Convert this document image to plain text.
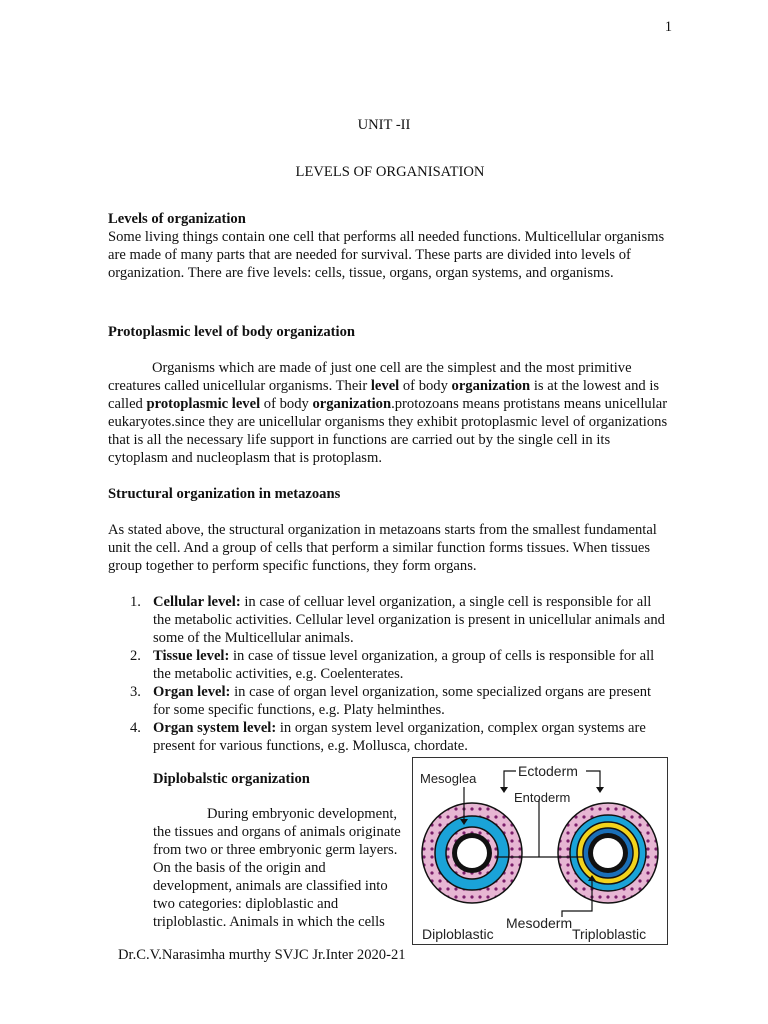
1
UNIT -II
LEVELS OF ORGANISATION
Levels of organization

Some living things contain one cell that performs all needed functions. Multicellular organisms are made of many parts that are needed for survival. These parts are divided into levels of organization. There are five levels: cells, tissue, organs, organ systems, and organisms.

Protoplasmic level of body organization

Organisms which are made of just one cell are the simplest and the most primitive creatures called unicellular organisms. Their level of body organization is at the lowest and is called protoplasmic level of body organization.protozoans means protistans means unicellular eukaryotes.since they are unicellular organisms they exhibit protoplasmic level of organizations that is all the necessary life support in functions are carried out by the single cell in its cytoplasm and nucleoplasm that is protoplasm.

Structural organization in metazoans

As stated above, the structural organization in metazoans starts from the smallest fundamental unit the cell. And a group of cells that perform a similar function forms tissues. When tissues group together to perform specific functions, they form organs.

1. Cellular level: in case of celluar level organization, a single cell is responsible for all the metabolic activities. Cellular level organization is present in unicellular animals and some of the Multicellular animals.
2. Tissue level: in case of tissue level organization, a group of cells is responsible for all the metabolic activities, e.g. Coelenterates.
3. Organ level: in case of organ level organization, some specialized organs are present for some specific functions, e.g. Platy helminthes.
4. Organ system level: in organ system level organization, complex organ systems are present for various functions, e.g. Mollusca, chordate.
Diplobalstic organization

During embryonic development, the tissues and organs of animals originate from two or three embryonic germ layers. On the basis of the origin and development, animals are classified into two categories: diploblastic and triploblastic. Animals in which the cells

Mesoglea	Ectoderm
Entoderm
Mesoderm
Diploblastic	Triploblastic
Dr.C.V.Narasimha murthy SVJC Jr.Inter 2020-21
